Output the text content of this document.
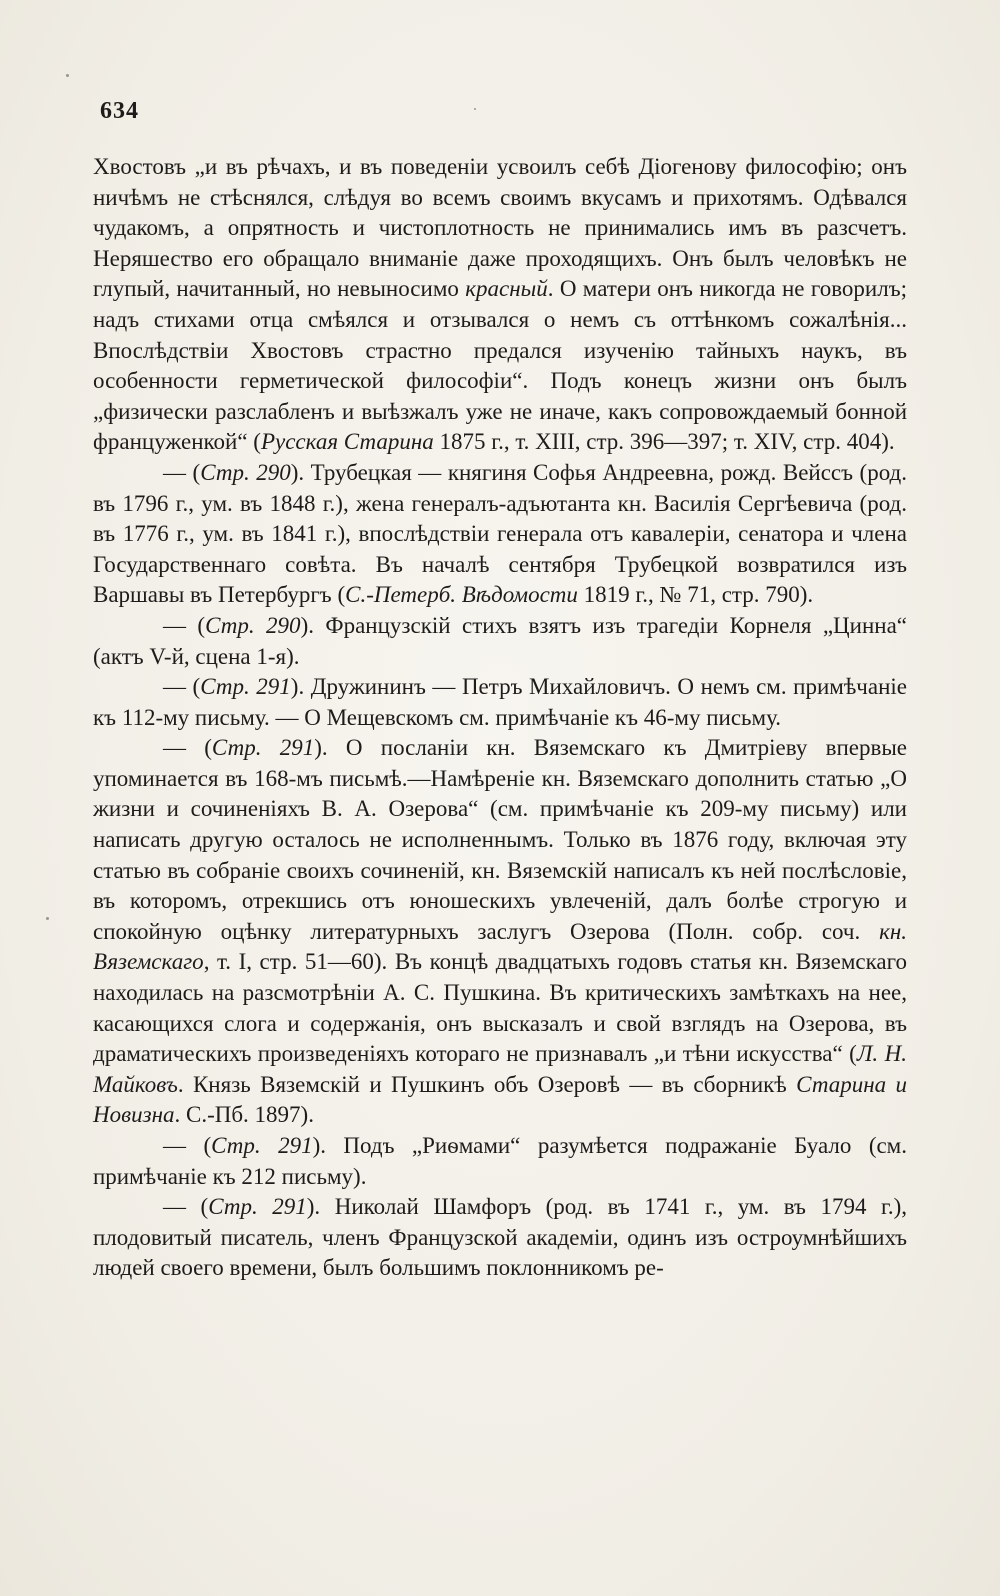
634

Хвостовъ „и въ рѣчахъ, и въ поведеніи усвоилъ себѣ Діогенову философію; онъ ничѣмъ не стѣснялся, слѣдуя во всемъ своимъ вкусамъ и прихотямъ. Одѣвался чудакомъ, а опрятность и чистоплотность не принимались имъ въ разсчетъ. Неряшество его обращало вниманіе даже проходящихъ. Онъ былъ человѣкъ не глупый, начитанный, но невыносимо красный. О матери онъ никогда не говорилъ; надъ стихами отца смѣялся и отзывался о немъ съ оттѣнкомъ сожалѣнія... Впослѣдствіи Хвостовъ страстно предался изученію тайныхъ наукъ, въ особенности герметической философіи“. Подъ конецъ жизни онъ былъ „физически разслабленъ и выѣзжалъ уже не иначе, какъ сопровождаемый бонной француженкой“ (Русская Старина 1875 г., т. XIII, стр. 396—397; т. XIV, стр. 404).

— (Стр. 290). Трубецкая — княгиня Софья Андреевна, рожд. Вейссъ (род. въ 1796 г., ум. въ 1848 г.), жена генералъ-адъютанта кн. Василія Сергѣевича (род. въ 1776 г., ум. въ 1841 г.), впослѣдствіи генерала отъ кавалеріи, сенатора и члена Государственнаго совѣта. Въ началѣ сентября Трубецкой возвратился изъ Варшавы въ Петербургъ (С.-Петерб. Вѣдомости 1819 г., № 71, стр. 790).

— (Стр. 290). Французскій стихъ взятъ изъ трагедіи Корнеля „Цинна“ (актъ V-й, сцена 1-я).

— (Стр. 291). Дружининъ — Петръ Михайловичъ. О немъ см. примѣчаніе къ 112-му письму. — О Мещевскомъ см. примѣчаніе къ 46-му письму.

— (Стр. 291). О посланіи кн. Вяземскаго къ Дмитріеву впервые упоминается въ 168-мъ письмѣ.—Намѣреніе кн. Вяземскаго дополнить статью „О жизни и сочиненіяхъ В. А. Озерова“ (см. примѣчаніе къ 209-му письму) или написать другую осталось не исполненнымъ. Только въ 1876 году, включая эту статью въ собраніе своихъ сочиненій, кн. Вяземскій написалъ къ ней послѣсловіе, въ которомъ, отрекшись отъ юношескихъ увлеченій, далъ болѣе строгую и спокойную оцѣнку литературныхъ заслугъ Озерова (Полн. собр. соч. кн. Вяземскаго, т. I, стр. 51—60). Въ концѣ двадцатыхъ годовъ статья кн. Вяземскаго находилась на разсмотрѣніи А. С. Пушкина. Въ критическихъ замѣткахъ на нее, касающихся слога и содержанія, онъ высказалъ и свой взглядъ на Озерова, въ драматическихъ произведеніяхъ котораго не признавалъ „и тѣни искусства“ (Л. Н. Майковъ. Князь Вяземскій и Пушкинъ объ Озеровѣ — въ сборникѣ Старина и Новизна. С.-Пб. 1897).

— (Стр. 291). Подъ „Риѳмами“ разумѣется подражаніе Буало (см. примѣчаніе къ 212 письму).

— (Стр. 291). Николай Шамфоръ (род. въ 1741 г., ум. въ 1794 г.), плодовитый писатель, членъ Французской академіи, одинъ изъ остроумнѣйшихъ людей своего времени, былъ большимъ поклонникомъ ре-
